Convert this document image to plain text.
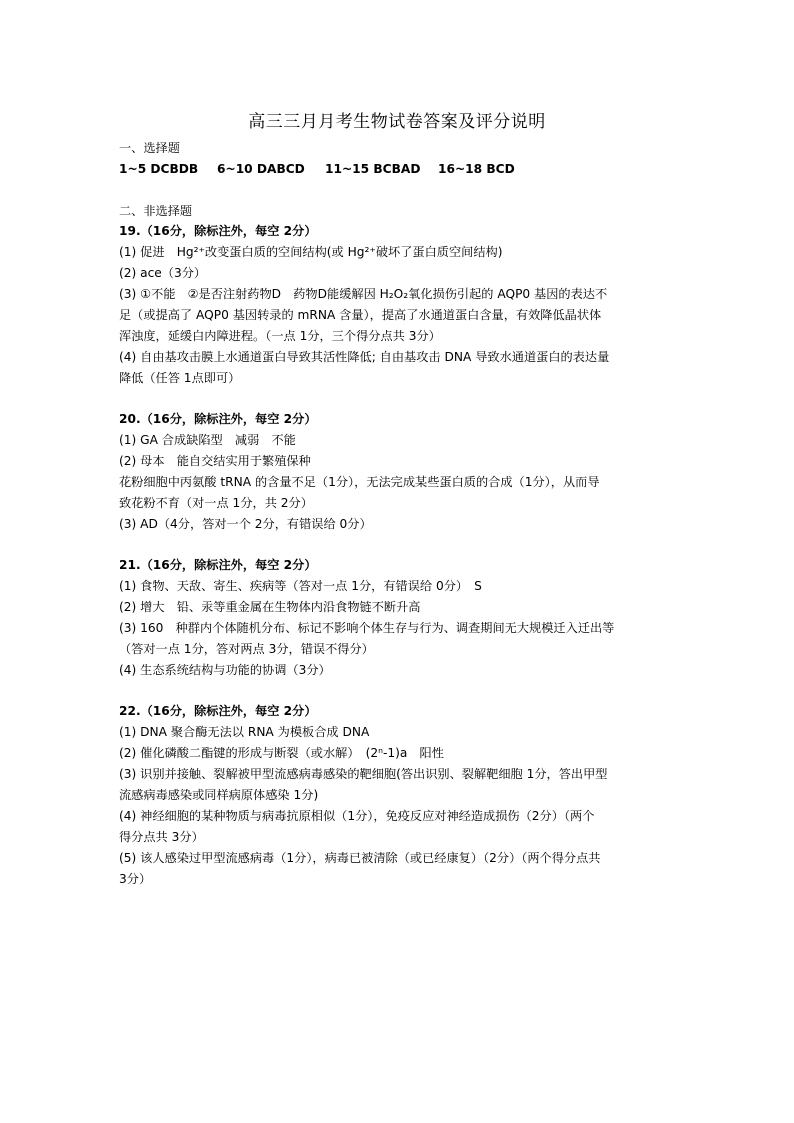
高三三月月考生物试卷答案及评分说明
一、选择题
1~5 DCBDB 6~10 DABCD 11~15 BCBAD 16~18 BCD
二、非选择题
19.（16分，除标注外，每空 2分）
(1) 促进　Hg²⁺改变蛋白质的空间结构(或 Hg²⁺破坏了蛋白质空间结构)
(2) ace（3分）
(3) ①不能　②是否注射药物D　药物D能缓解因 H₂O₂氧化损伤引起的 AQP0 基因的表达不
足（或提高了 AQP0 基因转录的 mRNA 含量），提高了水通道蛋白含量，有效降低晶状体
浑浊度，延缓白内障进程。（一点 1分，三个得分点共 3分）
(4) 自由基攻击膜上水通道蛋白导致其活性降低; 自由基攻击 DNA 导致水通道蛋白的表达量
降低（任答 1点即可）
20.（16分，除标注外，每空 2分）
(1) GA 合成缺陷型　减弱　不能
(2) 母本　能自交结实用于繁殖保种
花粉细胞中丙氨酸 tRNA 的含量不足（1分），无法完成某些蛋白质的合成（1分），从而导
致花粉不育（对一点 1分，共 2分）
(3) AD（4分，答对一个 2分，有错误给 0分）
21.（16分，除标注外，每空 2分）
(1) 食物、天敌、寄生、疾病等（答对一点 1分，有错误给 0分）　S
(2) 增大　铅、汞等重金属在生物体内沿食物链不断升高
(3) 160　种群内个体随机分布、标记不影响个体生存与行为、调查期间无大规模迁入迁出等
（答对一点 1分，答对两点 3分，错误不得分）
(4) 生态系统结构与功能的协调（3分）
22.（16分，除标注外，每空 2分）
(1) DNA 聚合酶无法以 RNA 为模板合成 DNA
(2) 催化磷酸二酯键的形成与断裂（或水解）　(2ⁿ-1)a　阳性
(3) 识别并接触、裂解被甲型流感病毒感染的靶细胞(答出识别、裂解靶细胞 1分，答出甲型
流感病毒感染或同样病原体感染 1分)
(4) 神经细胞的某种物质与病毒抗原相似（1分），免疫反应对神经造成损伤（2分）（两个
得分点共 3分）
(5) 该人感染过甲型流感病毒（1分），病毒已被清除（或已经康复）（2分）（两个得分点共
3分）
